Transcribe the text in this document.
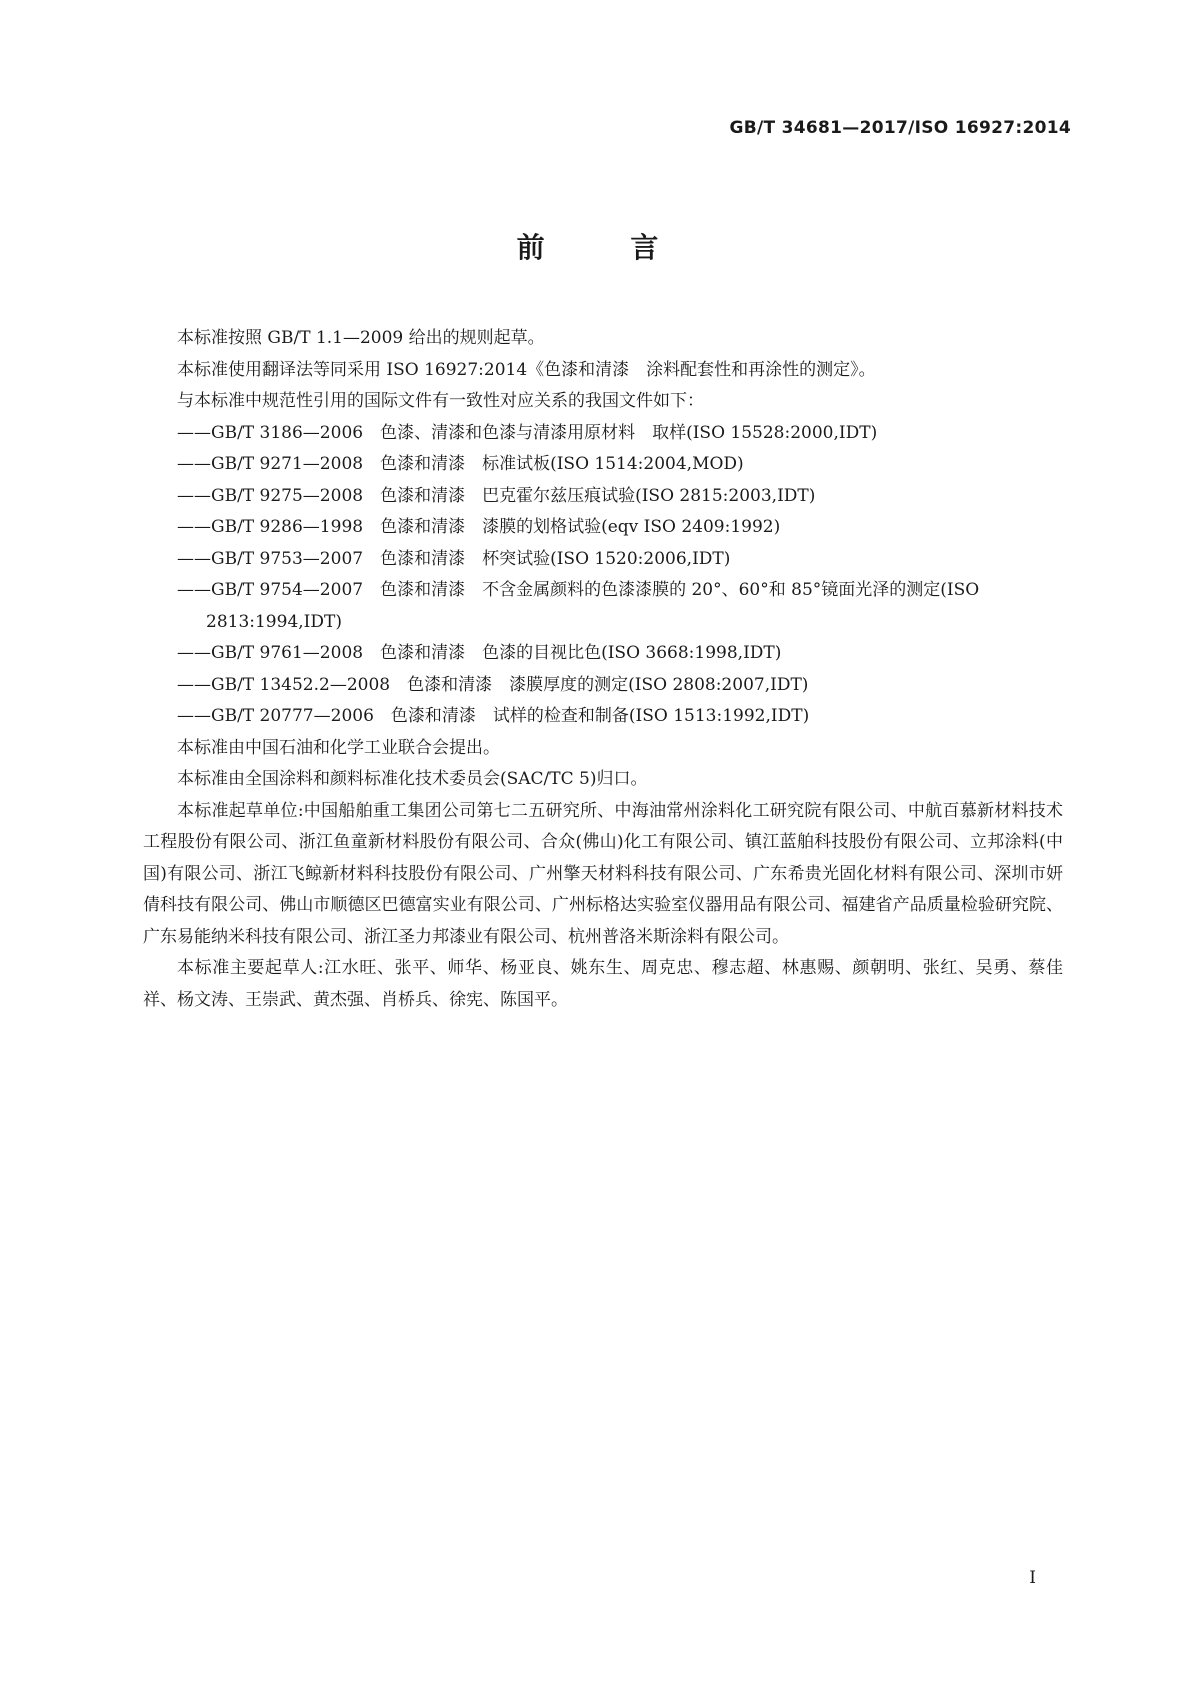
GB/T 34681—2017/ISO 16927:2014
前 言

本标准按照 GB/T 1.1—2009 给出的规则起草。

本标准使用翻译法等同采用 ISO 16927:2014《色漆和清漆　涂料配套性和再涂性的测定》。

与本标准中规范性引用的国际文件有一致性对应关系的我国文件如下：

——GB/T 3186—2006　色漆、清漆和色漆与清漆用原材料　取样(ISO 15528:2000,IDT)

——GB/T 9271—2008　色漆和清漆　标准试板(ISO 1514:2004,MOD)

——GB/T 9275—2008　色漆和清漆　巴克霍尔兹压痕试验(ISO 2815:2003,IDT)

——GB/T 9286—1998　色漆和清漆　漆膜的划格试验(eqv ISO 2409:1992)

——GB/T 9753—2007　色漆和清漆　杯突试验(ISO 1520:2006,IDT)

——GB/T 9754—2007　色漆和清漆　不含金属颜料的色漆漆膜的 20°、60°和 85°镜面光泽的测定(ISO 2813:1994,IDT)

——GB/T 9761—2008　色漆和清漆　色漆的目视比色(ISO 3668:1998,IDT)

——GB/T 13452.2—2008　色漆和清漆　漆膜厚度的测定(ISO 2808:2007,IDT)

——GB/T 20777—2006　色漆和清漆　试样的检查和制备(ISO 1513:1992,IDT)

本标准由中国石油和化学工业联合会提出。

本标准由全国涂料和颜料标准化技术委员会(SAC/TC 5)归口。

本标准起草单位:中国船舶重工集团公司第七二五研究所、中海油常州涂料化工研究院有限公司、中航百慕新材料技术工程股份有限公司、浙江鱼童新材料股份有限公司、合众(佛山)化工有限公司、镇江蓝舶科技股份有限公司、立邦涂料(中国)有限公司、浙江飞鲸新材料科技股份有限公司、广州擎天材料科技有限公司、广东希贵光固化材料有限公司、深圳市妍倩科技有限公司、佛山市顺德区巴德富实业有限公司、广州标格达实验室仪器用品有限公司、福建省产品质量检验研究院、广东易能纳米科技有限公司、浙江圣力邦漆业有限公司、杭州普洛米斯涂料有限公司。

本标准主要起草人:江水旺、张平、师华、杨亚良、姚东生、周克忠、穆志超、林惠赐、颜朝明、张红、吴勇、蔡佳祥、杨文涛、王崇武、黄杰强、肖桥兵、徐宪、陈国平。

I
